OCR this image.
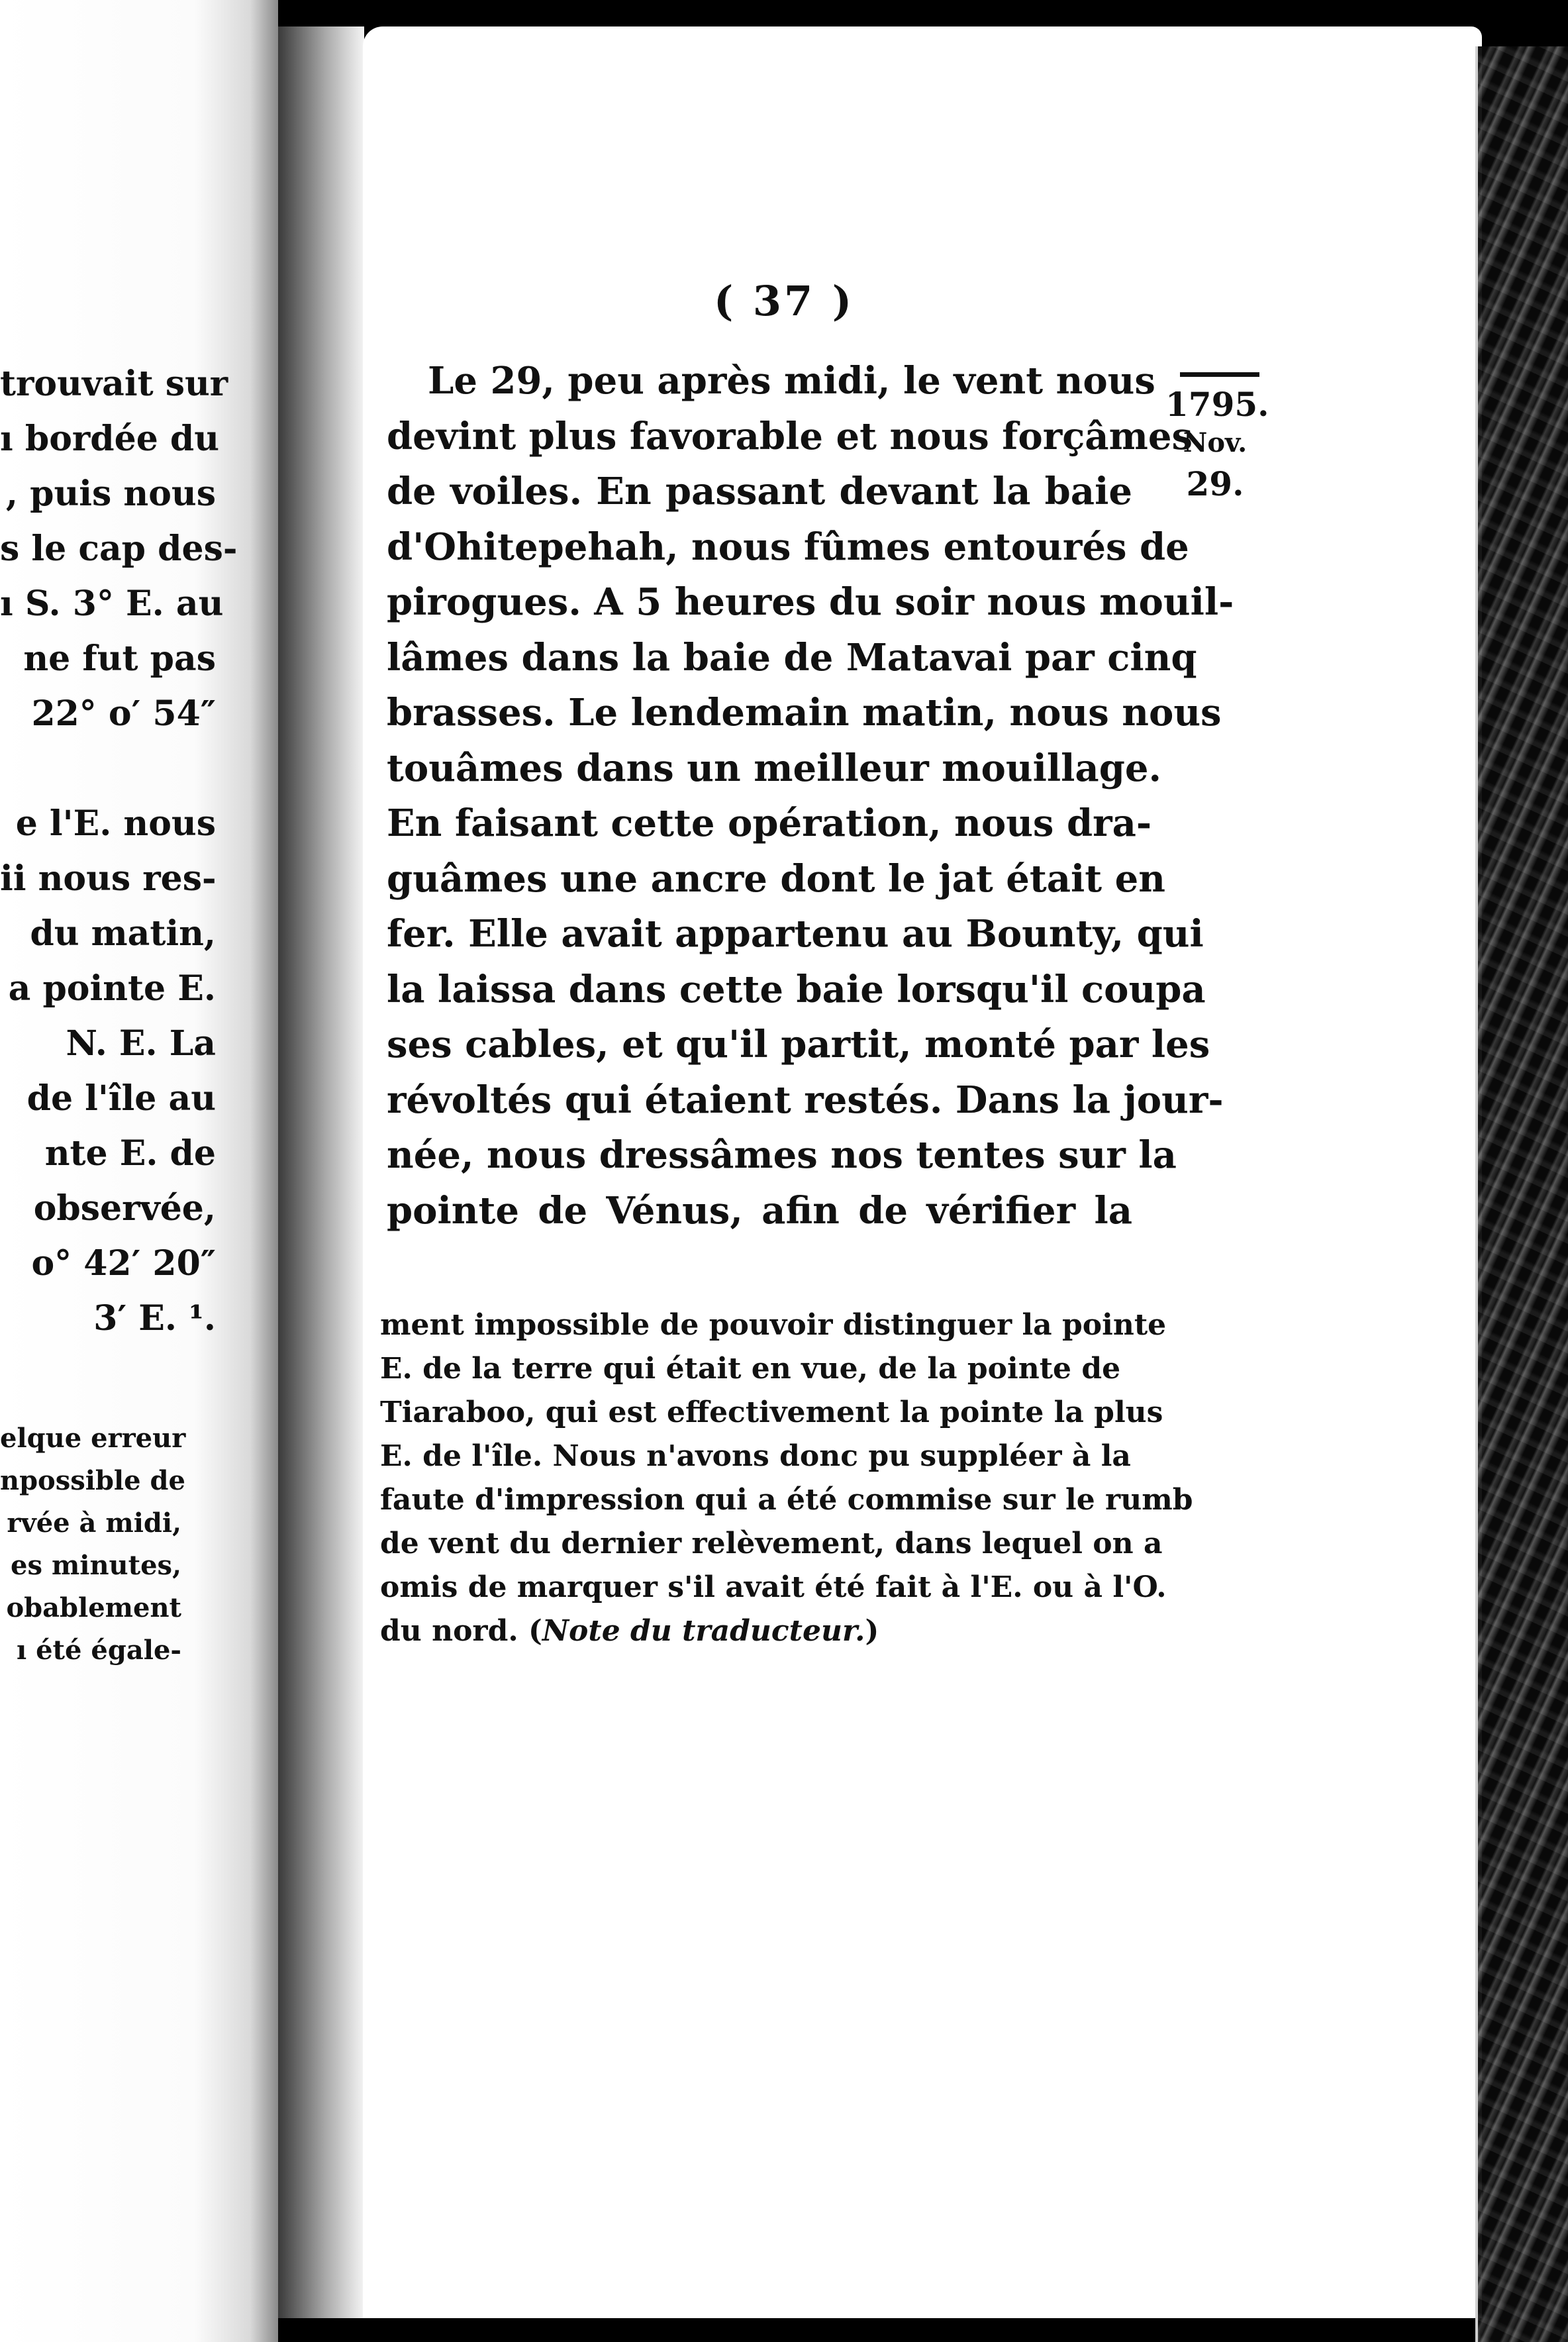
trouvait sur
ı bordée du
, puis nous
s le cap des-
ı S. 3° E. au
ne fut pas
22° o′ 54″
e l'E. nous
ii nous res-
du matin,
a pointe E.
N. E. La
de l'île au
nte E. de
observée,
o° 42′ 20″
3′ E. ¹.
elque erreur
npossible de
rvée à midi,
es minutes,
obablement
ı été égale-
( 37 )
1795.
Nov.
29.
Le 29, peu après midi, le vent nous
devint plus favorable et nous forçâmes
de voiles. En passant devant la baie
d'Ohitepehah, nous fûmes entourés de
pirogues. A 5 heures du soir nous mouil-
lâmes dans la baie de Matavai par cinq
brasses. Le lendemain matin, nous nous
touâmes dans un meilleur mouillage.
En faisant cette opération, nous dra-
guâmes une ancre dont le jat était en
fer. Elle avait appartenu au Bounty, qui
la laissa dans cette baie lorsqu'il coupa
ses cables, et qu'il partit, monté par les
révoltés qui étaient restés. Dans la jour-
née, nous dressâmes nos tentes sur la
pointe de Vénus, afin de vérifier la
ment impossible de pouvoir distinguer la pointe
E. de la terre qui était en vue, de la pointe de
Tiaraboo, qui est effectivement la pointe la plus
E. de l'île. Nous n'avons donc pu suppléer à la
faute d'impression qui a été commise sur le rumb
de vent du dernier relèvement, dans lequel on a
omis de marquer s'il avait été fait à l'E. ou à l'O.
du nord. (Note du traducteur.)
